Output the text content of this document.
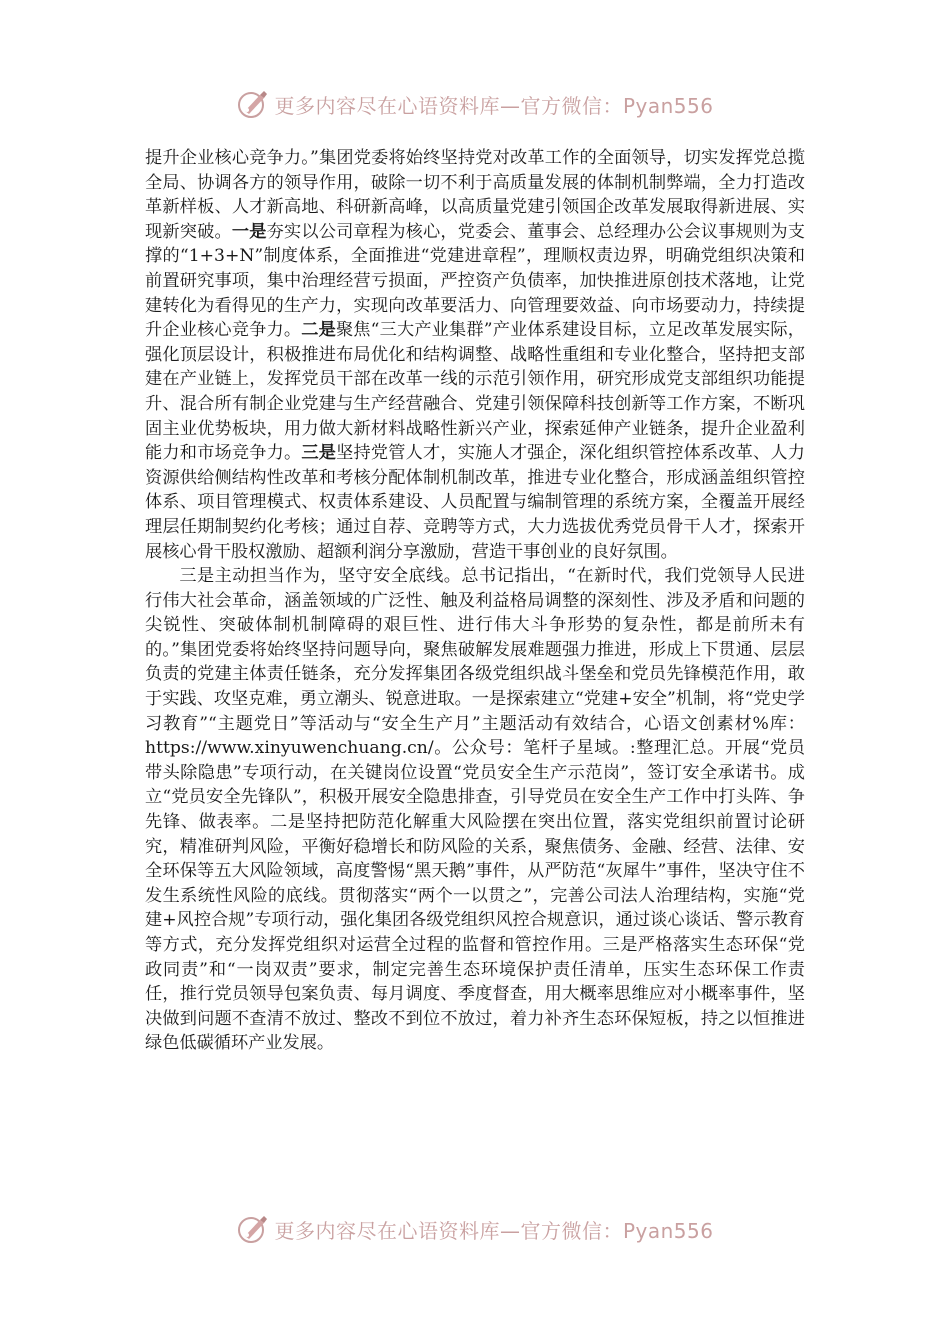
更多内容尽在心语资料库—官方微信：Pyan556

提升企业核心竞争力。”集团党委将始终坚持党对改革工作的全面领导，切实发挥党总揽全局、协调各方的领导作用，破除一切不利于高质量发展的体制机制弊端，全力打造改革新样板、人才新高地、科研新高峰，以高质量党建引领国企改革发展取得新进展、实现新突破。一是夯实以公司章程为核心，党委会、董事会、总经理办公会议事规则为支撑的“1+3+N”制度体系，全面推进“党建进章程”，理顺权责边界，明确党组织决策和前置研究事项，集中治理经营亏损面，严控资产负债率，加快推进原创技术落地，让党建转化为看得见的生产力，实现向改革要活力、向管理要效益、向市场要动力，持续提升企业核心竞争力。二是聚焦“三大产业集群”产业体系建设目标，立足改革发展实际，强化顶层设计，积极推进布局优化和结构调整、战略性重组和专业化整合，坚持把支部建在产业链上，发挥党员干部在改革一线的示范引领作用，研究形成党支部组织功能提升、混合所有制企业党建与生产经营融合、党建引领保障科技创新等工作方案，不断巩固主业优势板块，用力做大新材料战略性新兴产业，探索延伸产业链条，提升企业盈利能力和市场竞争力。三是坚持党管人才，实施人才强企，深化组织管控体系改革、人力资源供给侧结构性改革和考核分配体制机制改革，推进专业化整合，形成涵盖组织管控体系、项目管理模式、权责体系建设、人员配置与编制管理的系统方案，全覆盖开展经理层任期制契约化考核；通过自荐、竞聘等方式，大力选拔优秀党员骨干人才，探索开展核心骨干股权激励、超额利润分享激励，营造干事创业的良好氛围。

三是主动担当作为，坚守安全底线。总书记指出，“在新时代，我们党领导人民进行伟大社会革命，涵盖领域的广泛性、触及利益格局调整的深刻性、涉及矛盾和问题的尖锐性、突破体制机制障碍的艰巨性、进行伟大斗争形势的复杂性，都是前所未有的。”集团党委将始终坚持问题导向，聚焦破解发展难题强力推进，形成上下贯通、层层负责的党建主体责任链条，充分发挥集团各级党组织战斗堡垒和党员先锋模范作用，敢于实践、攻坚克难，勇立潮头、锐意进取。一是探索建立“党建+安全”机制，将“党史学习教育”“主题党日”等活动与“安全生产月”主题活动有效结合，心语文创素材%库：https://www.xinyuwenchuang.cn/。公众号：笔杆子星域。:整理汇总。开展“党员带头除隐患”专项行动，在关键岗位设置“党员安全生产示范岗”，签订安全承诺书。成立“党员安全先锋队”，积极开展安全隐患排查，引导党员在安全生产工作中打头阵、争先锋、做表率。二是坚持把防范化解重大风险摆在突出位置，落实党组织前置讨论研究，精准研判风险，平衡好稳增长和防风险的关系，聚焦债务、金融、经营、法律、安全环保等五大风险领域，高度警惕“黑天鹅”事件，从严防范“灰犀牛”事件，坚决守住不发生系统性风险的底线。贯彻落实“两个一以贯之”，完善公司法人治理结构，实施“党建+风控合规”专项行动，强化集团各级党组织风控合规意识，通过谈心谈话、警示教育等方式，充分发挥党组织对运营全过程的监督和管控作用。三是严格落实生态环保“党政同责”和“一岗双责”要求，制定完善生态环境保护责任清单，压实生态环保工作责任，推行党员领导包案负责、每月调度、季度督查，用大概率思维应对小概率事件，坚决做到问题不查清不放过、整改不到位不放过，着力补齐生态环保短板，持之以恒推进绿色低碳循环产业发展。

更多内容尽在心语资料库—官方微信：Pyan556
